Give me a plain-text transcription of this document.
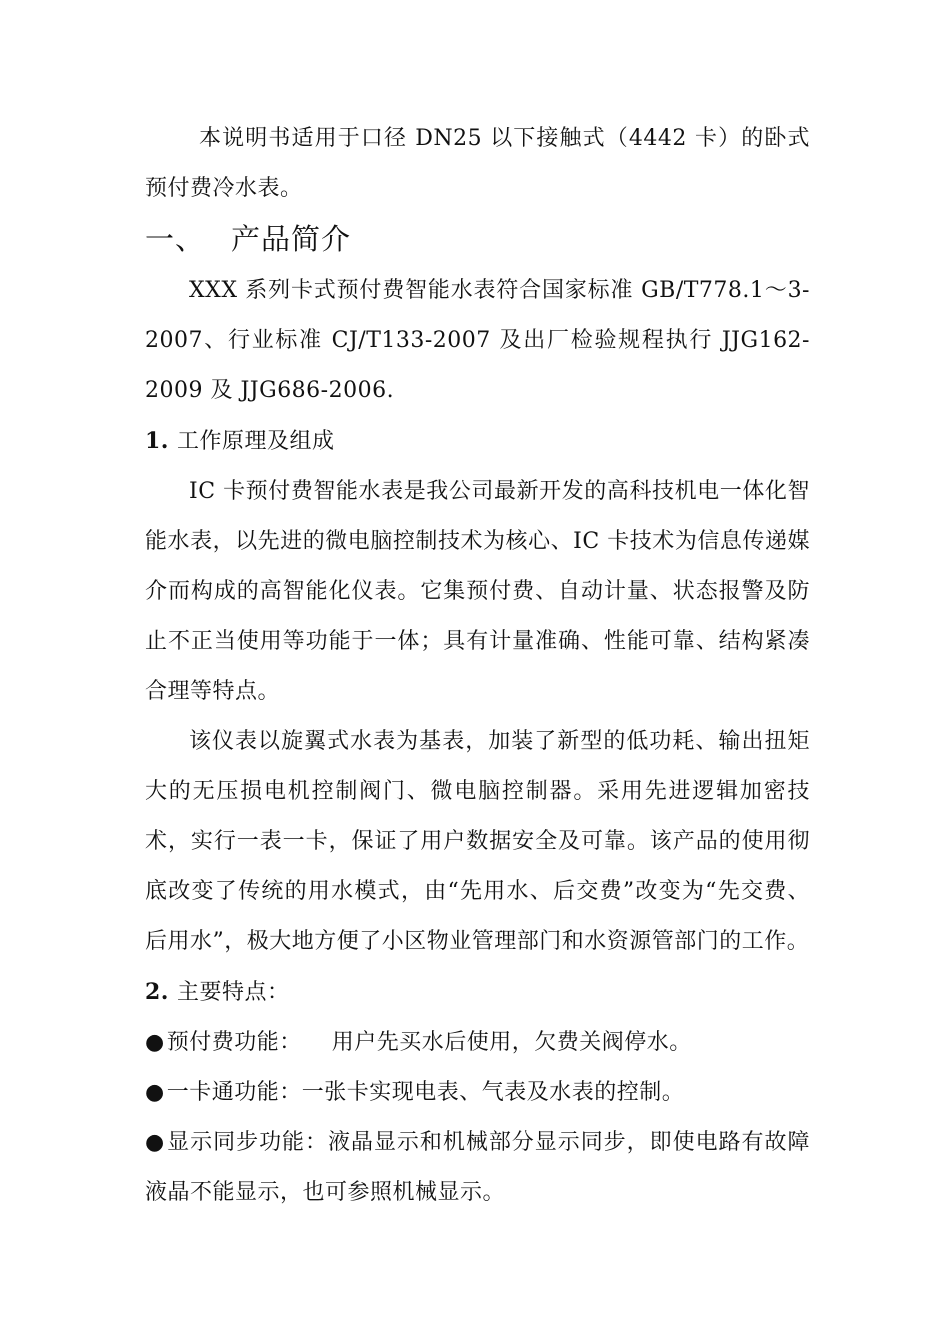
本说明书适用于口径 DN25 以下接触式（4442 卡）的卧式预付费冷水表。

一、 产品简介

XXX 系列卡式预付费智能水表符合国家标准 GB/T778.1～3-2007、行业标准 CJ/T133-2007 及出厂检验规程执行 JJG162-2009 及 JJG686-2006.

1. 工作原理及组成

IC 卡预付费智能水表是我公司最新开发的高科技机电一体化智能水表，以先进的微电脑控制技术为核心、IC 卡技术为信息传递媒介而构成的高智能化仪表。它集预付费、自动计量、状态报警及防止不正当使用等功能于一体；具有计量准确、性能可靠、结构紧凑合理等特点。

该仪表以旋翼式水表为基表，加装了新型的低功耗、输出扭矩大的无压损电机控制阀门、微电脑控制器。采用先进逻辑加密技术，实行一表一卡，保证了用户数据安全及可靠。该产品的使用彻底改变了传统的用水模式，由“先用水、后交费”改变为“先交费、后用水”，极大地方便了小区物业管理部门和水资源管部门的工作。

2. 主要特点：

●预付费功能： 用户先买水后使用，欠费关阀停水。

●一卡通功能：一张卡实现电表、气表及水表的控制。

●显示同步功能：液晶显示和机械部分显示同步，即使电路有故障液晶不能显示，也可参照机械显示。
